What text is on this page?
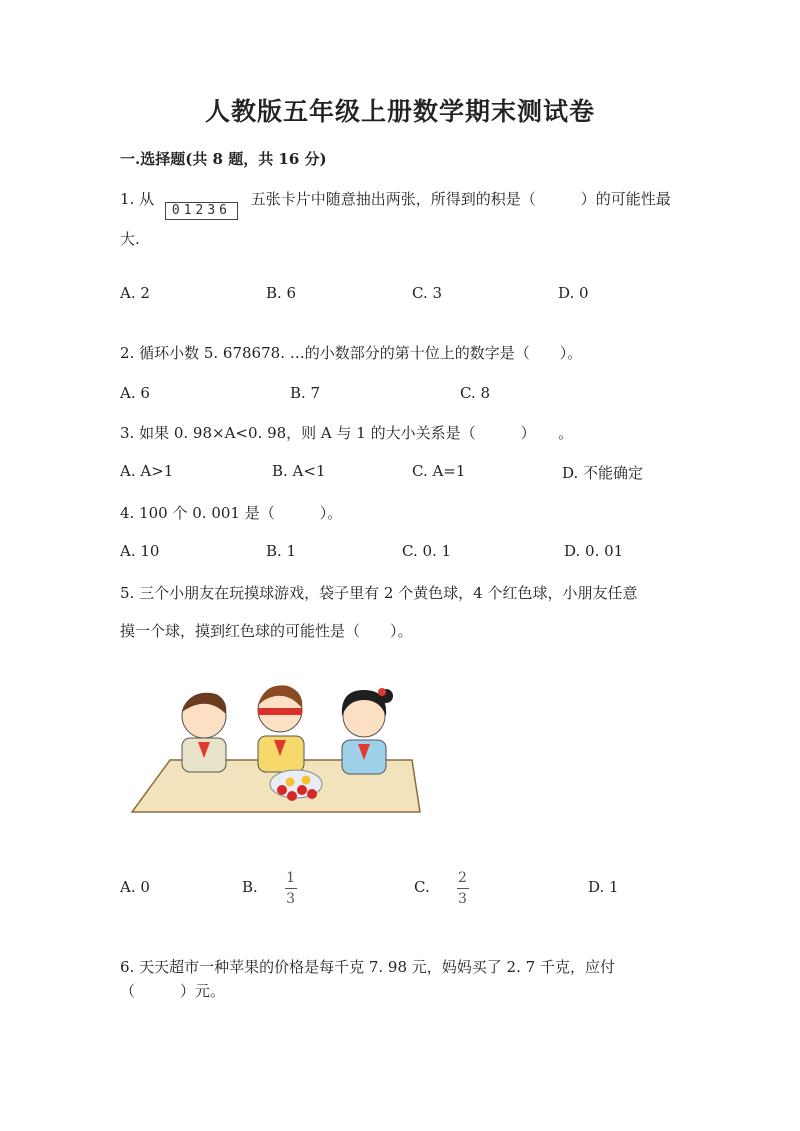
人教版五年级上册数学期末测试卷
一.选择题(共 8 题，共 16 分)
1. 从 01236 五张卡片中随意抽出两张，所得到的积是（　　　）的可能性最
大.
A. 2	B. 6	C. 3	D. 0
2. 循环小数 5. 678678. …的小数部分的第十位上的数字是（　　）。
A. 6	B. 7	C. 8
3. 如果 0. 98×A<0. 98，则 A 与 1 的大小关系是（　　　）　　。
A. A>1	B. A<1	C. A=1	D. 不能确定
4. 100 个 0. 001 是（　　　）。
A. 10	B. 1	C. 0. 1	D. 0. 01
5. 三个小朋友在玩摸球游戏，袋子里有 2 个黄色球，4 个红色球，小朋友任意
摸一个球，摸到红色球的可能性是（　　）。
A. 0	B. $\frac{1}{3}$	C. $\frac{2}{3}$	D. 1
6. 天天超市一种苹果的价格是每千克 7. 98 元，妈妈买了 2. 7 千克，应付
（　　　）元。
